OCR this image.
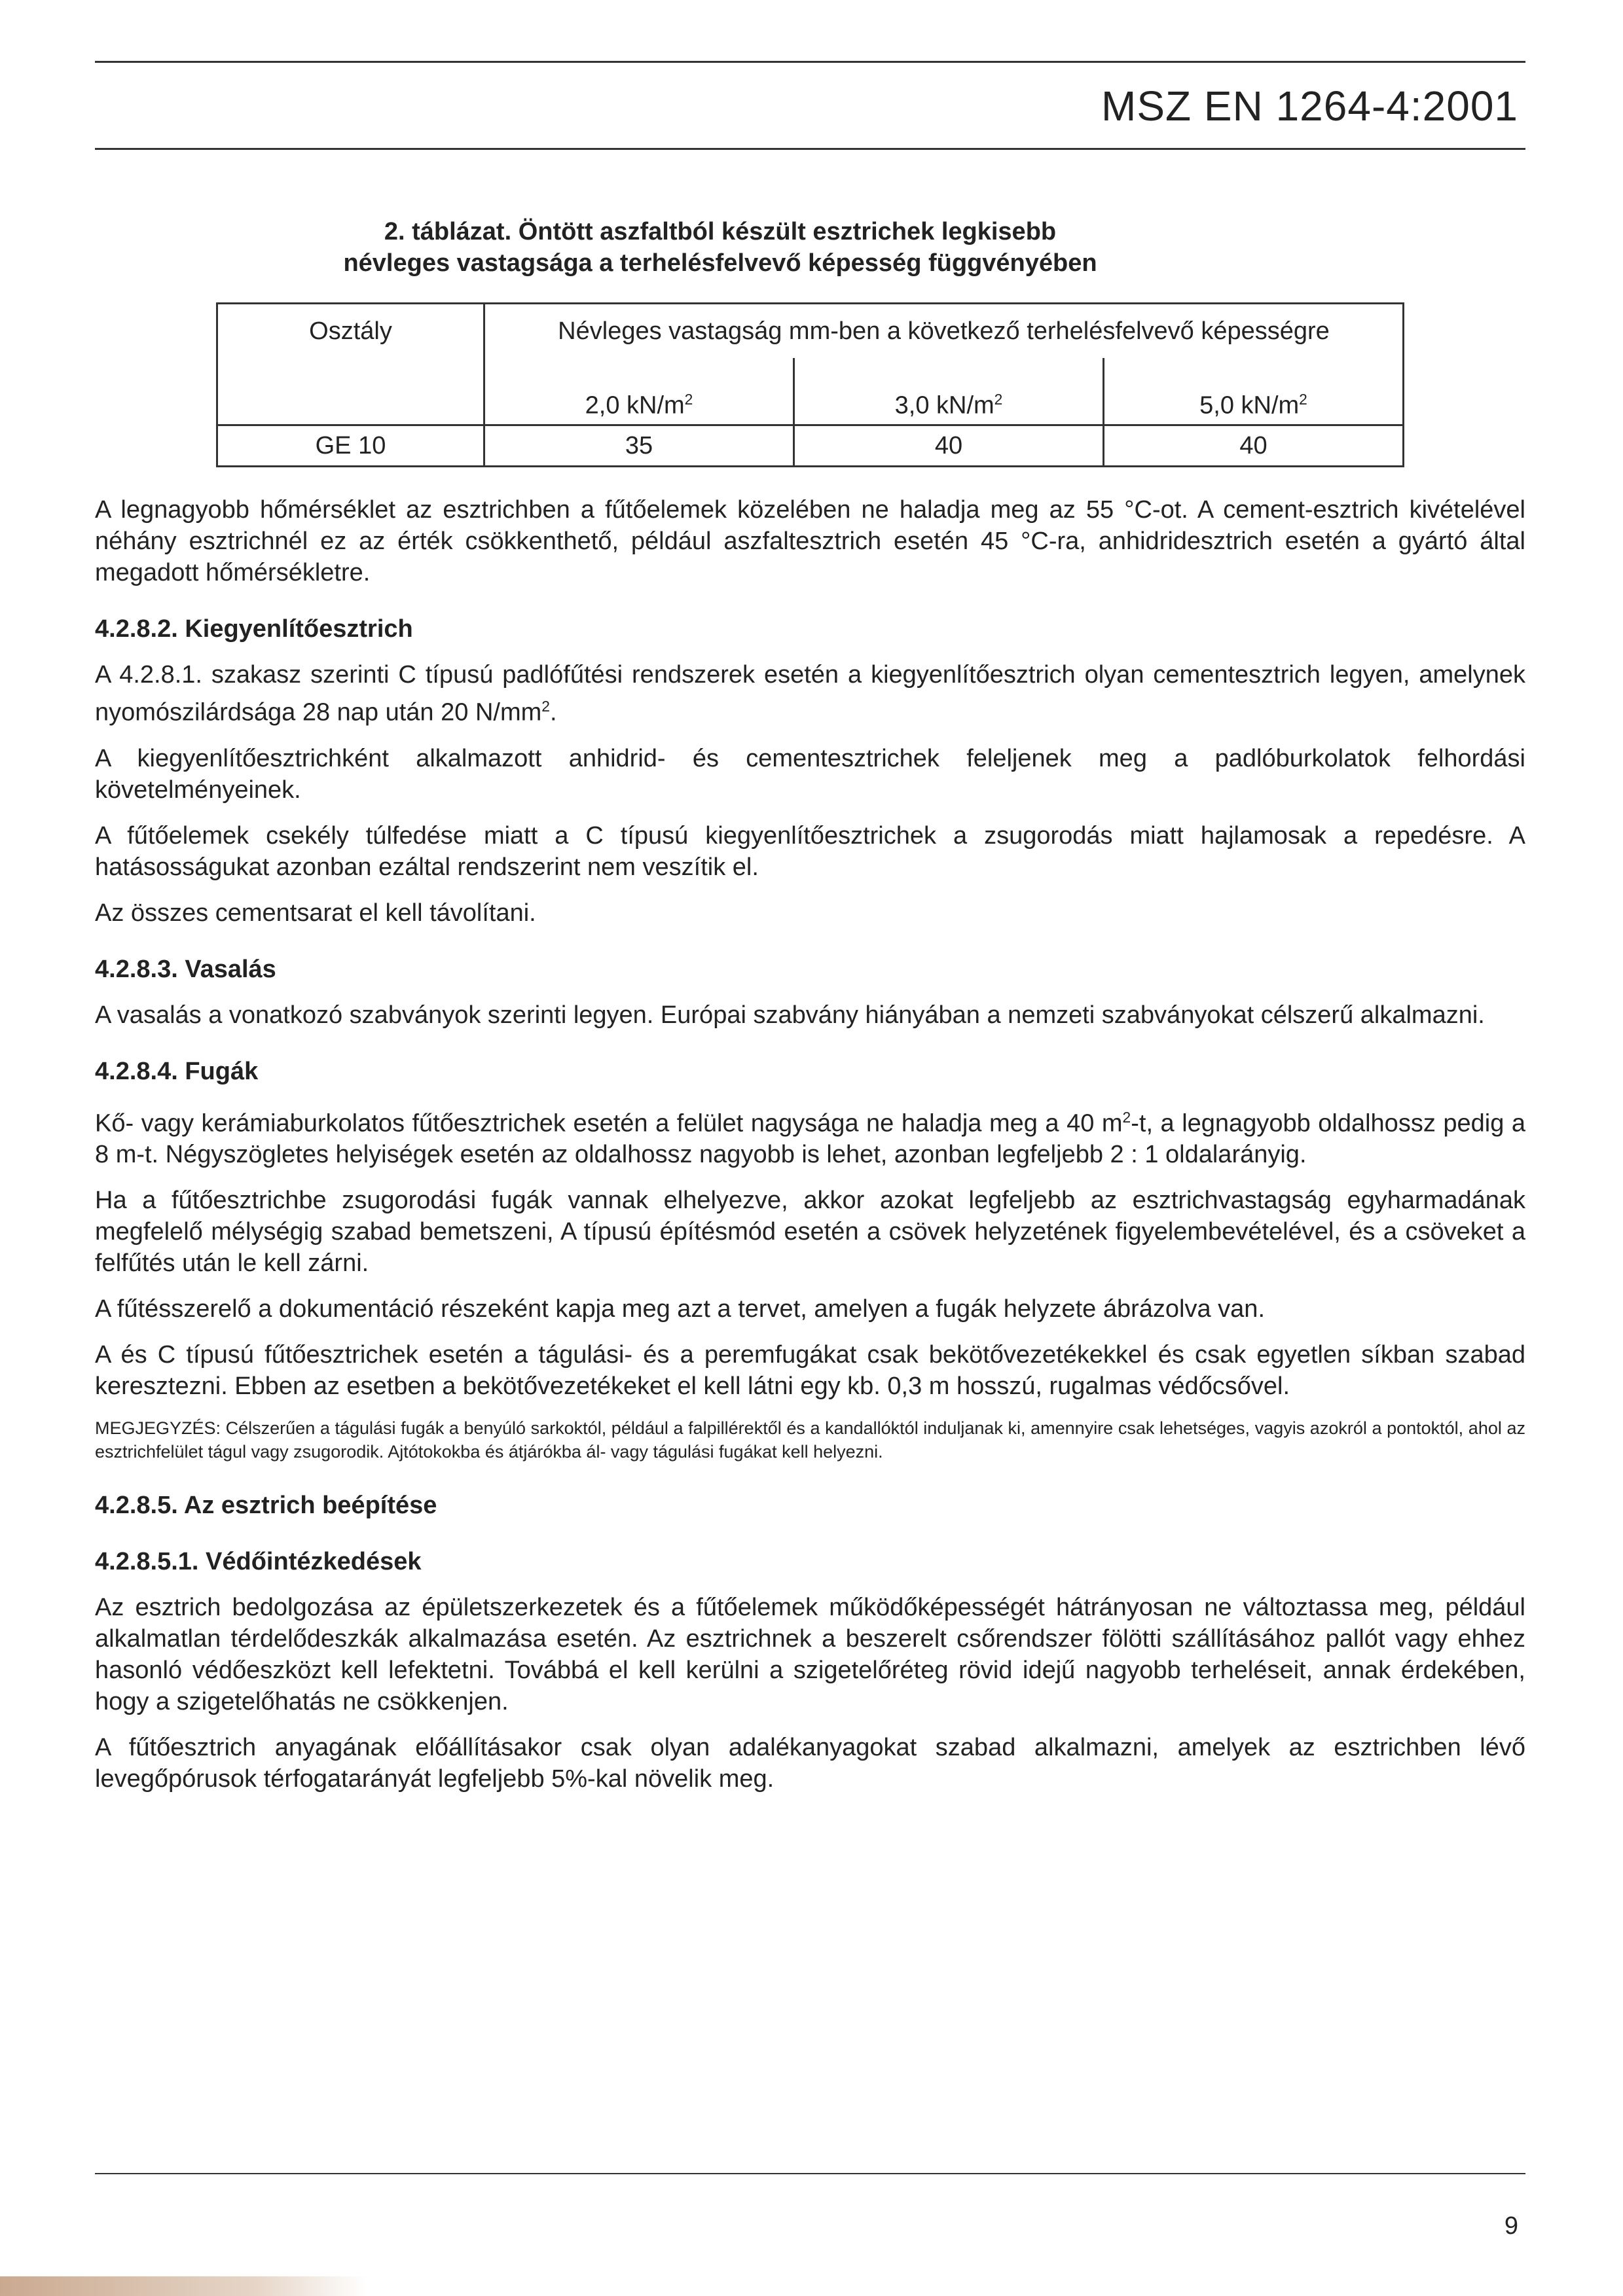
MSZ EN 1264-4:2001
2. táblázat. Öntött aszfaltból készült esztrichek legkisebb
névleges vastagsága a terhelésfelvevő képesség függvényében
Osztály	Névleges vastagság mm-ben a következő terhelésfelvevő képességre		
	2,0 $kN/m^2$	3,0 $kN/m^2$	5,0 $kN/m^2$
GE 10	35	40	40

A legnagyobb hőmérséklet az esztrichben a fűtőelemek közelében ne haladja meg az 55 °C-ot. A cement-esztrich kivételével néhány esztrichnél ez az érték csökkenthető, például aszfaltesztrich esetén 45 °C-ra, anhidridesztrich esetén a gyártó által megadott hőmérsékletre.

4.2.8.2. Kiegyenlítőesztrich

A 4.2.8.1. szakasz szerinti C típusú padlófűtési rendszerek esetén a kiegyenlítőesztrich olyan cementesztrich legyen, amelynek nyomószilárdsága 28 nap után 20 $N/mm^2$.

A kiegyenlítőesztrichként alkalmazott anhidrid- és cementesztrichek feleljenek meg a padlóburkolatok felhordási követelményeinek.

A fűtőelemek csekély túlfedése miatt a C típusú kiegyenlítőesztrichek a zsugorodás miatt hajlamosak a repedésre. A hatásosságukat azonban ezáltal rendszerint nem veszítik el.

Az összes cementsarat el kell távolítani.

4.2.8.3. Vasalás

A vasalás a vonatkozó szabványok szerinti legyen. Európai szabvány hiányában a nemzeti szabványokat célszerű alkalmazni.

4.2.8.4. Fugák

Kő- vagy kerámiaburkolatos fűtőesztrichek esetén a felület nagysága ne haladja meg a 40 $m^2-t$, a legnagyobb oldalhossz pedig a 8 m-t. Négyszögletes helyiségek esetén az oldalhossz nagyobb is lehet, azonban legfeljebb 2 : 1 oldalarányig.

Ha a fűtőesztrichbe zsugorodási fugák vannak elhelyezve, akkor azokat legfeljebb az esztrichvastagság egyharmadának megfelelő mélységig szabad bemetszeni, A típusú építésmód esetén a csövek helyzetének figyelembevételével, és a csöveket a felfűtés után le kell zárni.

A fűtésszerelő a dokumentáció részeként kapja meg azt a tervet, amelyen a fugák helyzete ábrázolva van.

A és C típusú fűtőesztrichek esetén a tágulási- és a peremfugákat csak bekötővezetékekkel és csak egyetlen síkban szabad keresztezni. Ebben az esetben a bekötővezetékeket el kell látni egy kb. 0,3 m hosszú, rugalmas védőcsővel.

MEGJEGYZÉS: Célszerűen a tágulási fugák a benyúló sarkoktól, például a falpillérektől és a kandallóktól induljanak ki, amennyire csak lehetséges, vagyis azokról a pontoktól, ahol az esztrichfelület tágul vagy zsugorodik. Ajtótokokba és átjárókba ál- vagy tágulási fugákat kell helyezni.

4.2.8.5. Az esztrich beépítése
4.2.8.5.1. Védőintézkedések

Az esztrich bedolgozása az épületszerkezetek és a fűtőelemek működőképességét hátrányosan ne változtassa meg, például alkalmatlan térdelődeszkák alkalmazása esetén. Az esztrichnek a beszerelt csőrendszer fölötti szállításához pallót vagy ehhez hasonló védőeszközt kell lefektetni. Továbbá el kell kerülni a szigetelőréteg rövid idejű nagyobb terheléseit, annak érdekében, hogy a szigetelőhatás ne csökkenjen.

A fűtőesztrich anyagának előállításakor csak olyan adalékanyagokat szabad alkalmazni, amelyek az esztrichben lévő levegőpórusok térfogatarányát legfeljebb 5%-kal növelik meg.

9
